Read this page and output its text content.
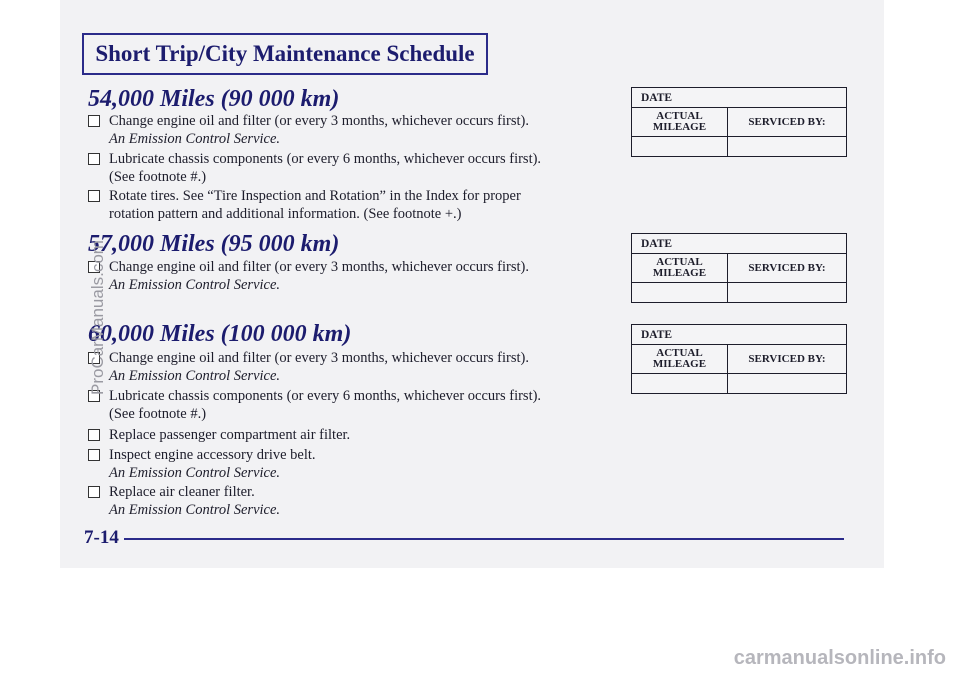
Short Trip/City Maintenance Schedule
54,000 Miles (90 000 km)
Change engine oil and filter (or every 3 months, whichever occurs first).
An Emission Control Service.
Lubricate chassis components (or every 6 months, whichever occurs first).
(See footnote #.)
Rotate tires. See “Tire Inspection and Rotation” in the Index for proper
rotation pattern and additional information. (See footnote +.)
57,000 Miles (95 000 km)
Change engine oil and filter (or every 3 months, whichever occurs first).
An Emission Control Service.
60,000 Miles (100 000 km)
Change engine oil and filter (or every 3 months, whichever occurs first).
An Emission Control Service.
Lubricate chassis components (or every 6 months, whichever occurs first).
(See footnote #.)
Replace passenger compartment air filter.
Inspect engine accessory drive belt.
An Emission Control Service.
Replace air cleaner filter.
An Emission Control Service.
DATE
ACTUAL
MILEAGE	SERVICED BY:
DATE
ACTUAL
MILEAGE	SERVICED BY:
DATE
ACTUAL
MILEAGE	SERVICED BY:
7-14
ProCarManuals.com
carmanualsonline.info
